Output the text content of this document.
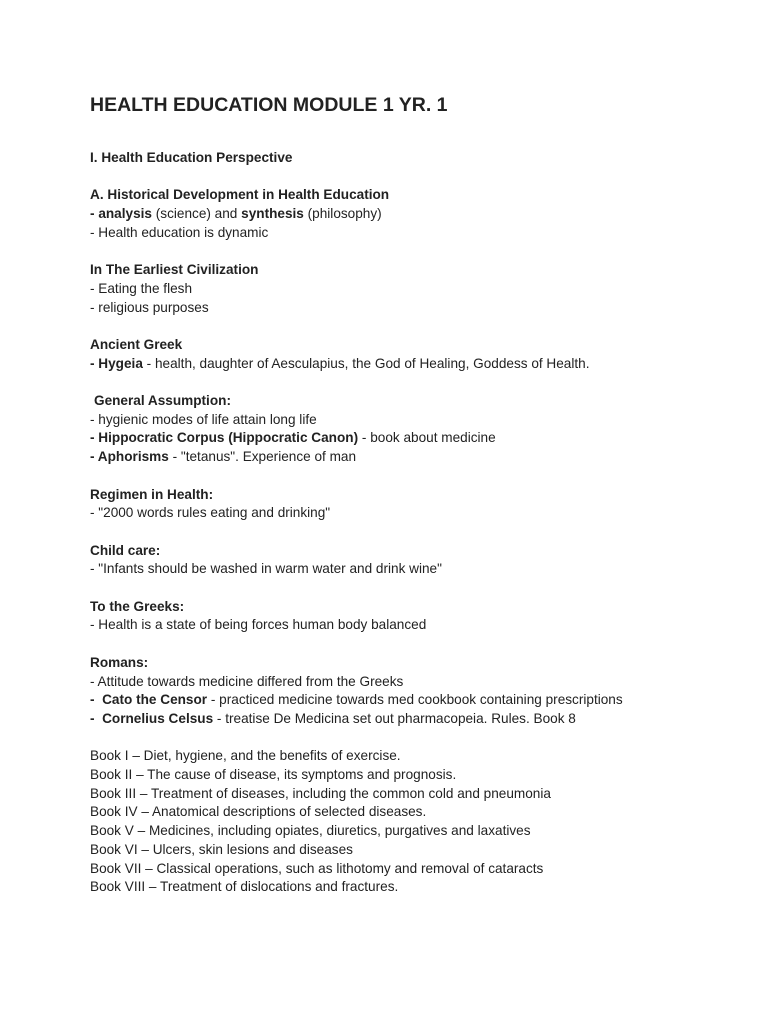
HEALTH EDUCATION MODULE 1 YR. 1
I. Health Education Perspective
A. Historical Development in Health Education
- analysis (science) and synthesis (philosophy)
- Health education is dynamic
In The Earliest Civilization
- Eating the flesh
- religious purposes
Ancient Greek
- Hygeia - health, daughter of Aesculapius, the God of Healing, Goddess of Health.
General Assumption:
- hygienic modes of life attain long life
- Hippocratic Corpus (Hippocratic Canon) - book about medicine
- Aphorisms - "tetanus". Experience of man
Regimen in Health:
- "2000 words rules eating and drinking"
Child care:
- "Infants should be washed in warm water and drink wine"
To the Greeks:
- Health is a state of being forces human body balanced
Romans:
- Attitude towards medicine differed from the Greeks
-  Cato the Censor - practiced medicine towards med cookbook containing prescriptions
-  Cornelius Celsus - treatise De Medicina set out pharmacopeia. Rules. Book 8
Book I – Diet, hygiene, and the benefits of exercise.
Book II – The cause of disease, its symptoms and prognosis.
Book III – Treatment of diseases, including the common cold and pneumonia
Book IV – Anatomical descriptions of selected diseases.
Book V – Medicines, including opiates, diuretics, purgatives and laxatives
Book VI – Ulcers, skin lesions and diseases
Book VII – Classical operations, such as lithotomy and removal of cataracts
Book VIII – Treatment of dislocations and fractures.
